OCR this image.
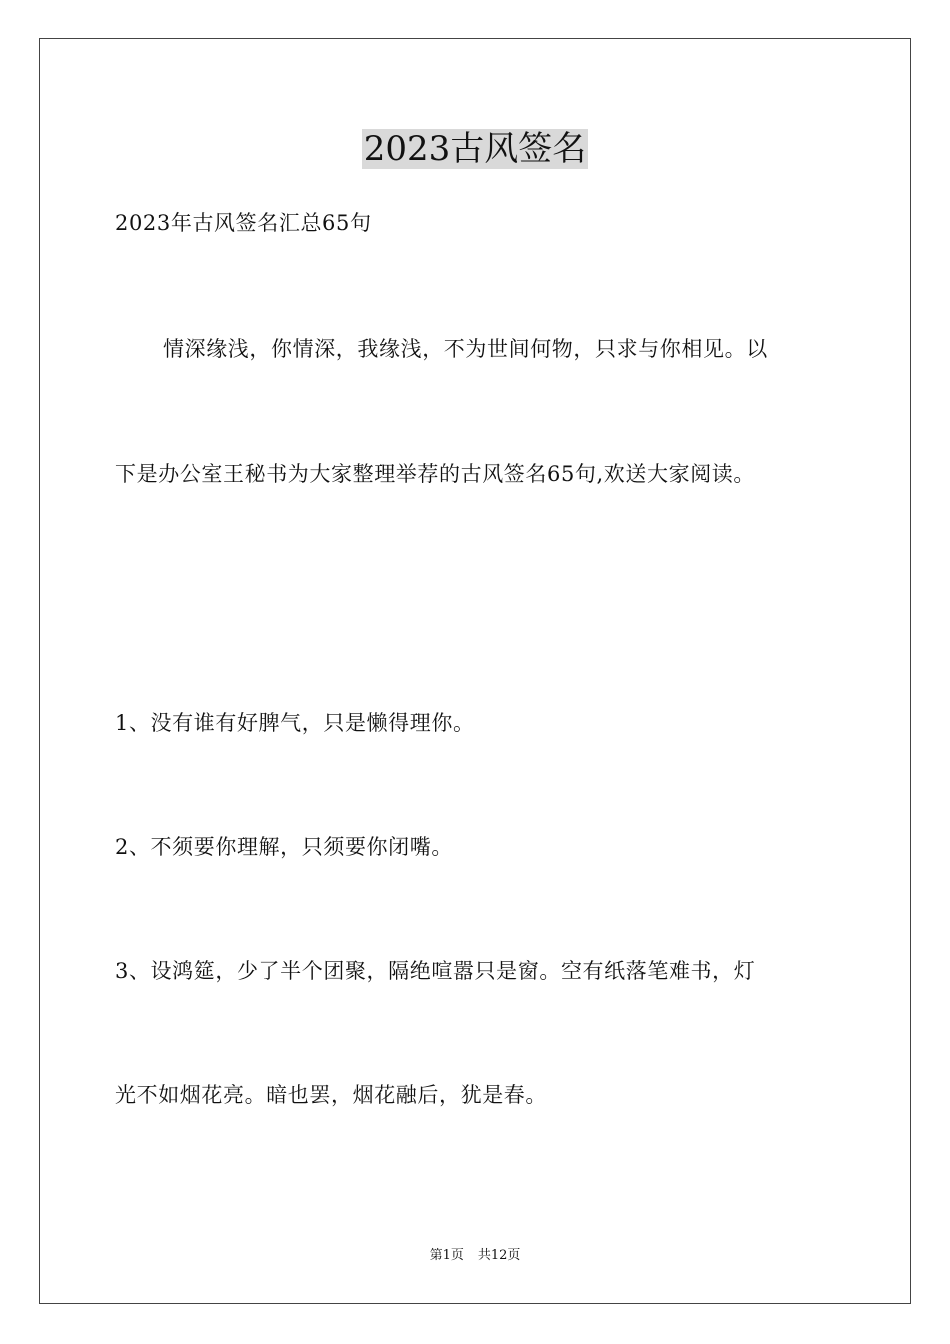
2023古风签名
2023年古风签名汇总65句
情深缘浅，你情深，我缘浅，不为世间何物，只求与你相见。以
下是办公室王秘书为大家整理举荐的古风签名65句,欢送大家阅读。
1、没有谁有好脾气，只是懒得理你。
2、不须要你理解，只须要你闭嘴。
3、设鸿筵，少了半个团聚，隔绝喧嚣只是窗。空有纸落笔难书，灯
光不如烟花亮。暗也罢，烟花融后，犹是春。
第1页 共12页
